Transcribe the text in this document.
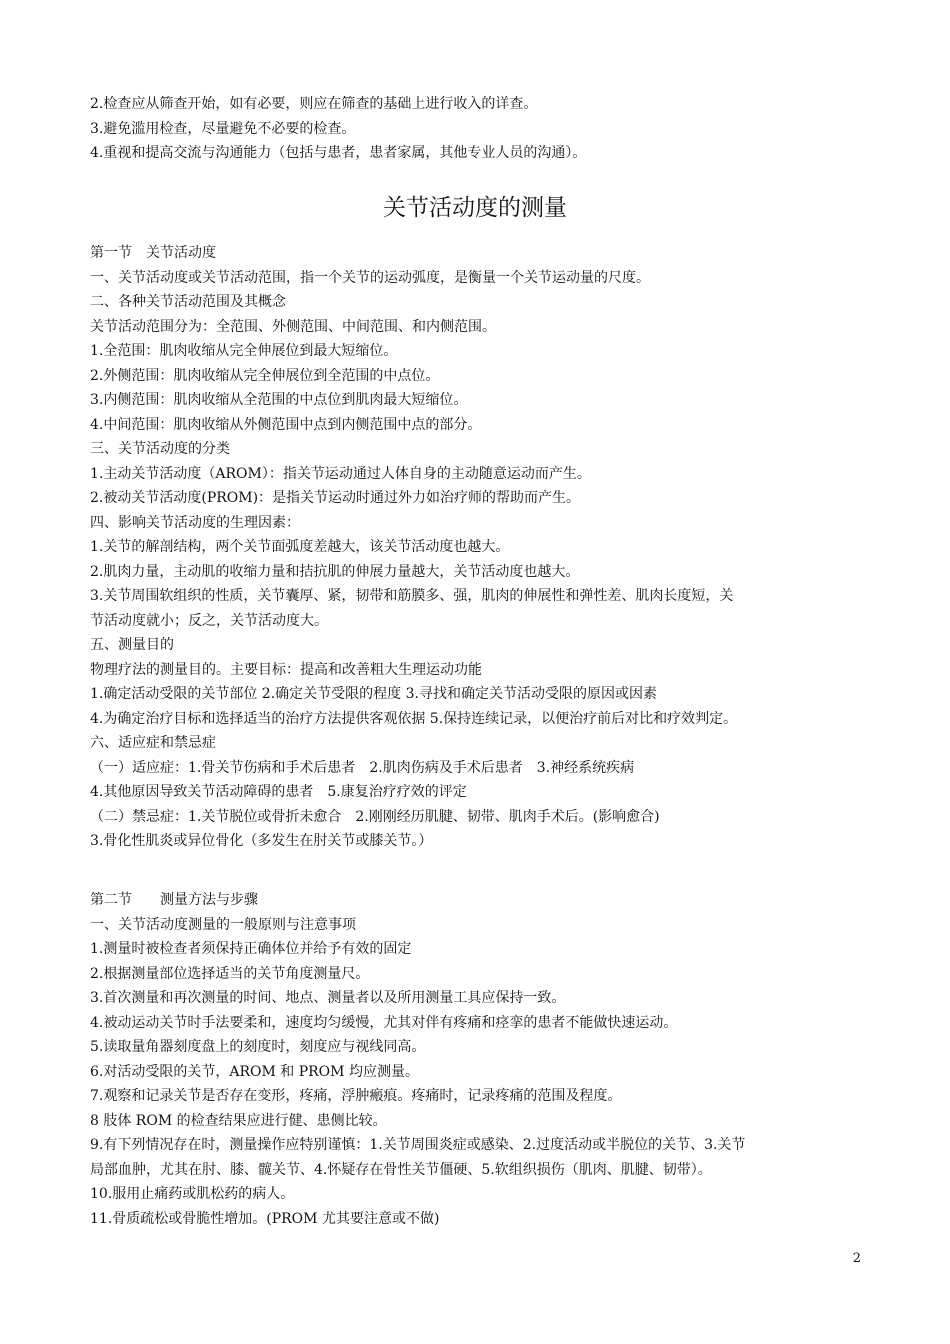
2.检查应从筛查开始，如有必要，则应在筛查的基础上进行收入的详查。
3.避免滥用检查，尽量避免不必要的检查。
4.重视和提高交流与沟通能力（包括与患者，患者家属，其他专业人员的沟通）。
关节活动度的测量
第一节　关节活动度
一、关节活动度或关节活动范围，指一个关节的运动弧度，是衡量一个关节运动量的尺度。
二、各种关节活动范围及其概念
关节活动范围分为：全范围、外侧范围、中间范围、和内侧范围。
1.全范围：肌肉收缩从完全伸展位到最大短缩位。
2.外侧范围：肌肉收缩从完全伸展位到全范围的中点位。
3.内侧范围：肌肉收缩从全范围的中点位到肌肉最大短缩位。
4.中间范围：肌肉收缩从外侧范围中点到内侧范围中点的部分。
三、关节活动度的分类
1.主动关节活动度（AROM）：指关节运动通过人体自身的主动随意运动而产生。
2.被动关节活动度(PROM)：是指关节运动时通过外力如治疗师的帮助而产生。
四、影响关节活动度的生理因素：
1.关节的解剖结构，两个关节面弧度差越大，该关节活动度也越大。
2.肌肉力量，主动肌的收缩力量和拮抗肌的伸展力量越大，关节活动度也越大。
3.关节周围软组织的性质，关节囊厚、紧，韧带和筋膜多、强，肌肉的伸展性和弹性差、肌肉长度短，关
节活动度就小；反之，关节活动度大。
五、测量目的
物理疗法的测量目的。主要目标：提高和改善粗大生理运动功能
1.确定活动受限的关节部位 2.确定关节受限的程度 3.寻找和确定关节活动受限的原因或因素
4.为确定治疗目标和选择适当的治疗方法提供客观依据 5.保持连续记录，以便治疗前后对比和疗效判定。
六、适应症和禁忌症
（一）适应症：1.骨关节伤病和手术后患者　2.肌肉伤病及手术后患者　3.神经系统疾病
4.其他原因导致关节活动障碍的患者　5.康复治疗疗效的评定
（二）禁忌症：1.关节脱位或骨折未愈合　2.刚刚经历肌腱、韧带、肌肉手术后。(影响愈合)
3.骨化性肌炎或异位骨化（多发生在肘关节或膝关节。）
第二节　　测量方法与步骤
一、关节活动度测量的一般原则与注意事项
1.测量时被检查者须保持正确体位并给予有效的固定
2.根据测量部位选择适当的关节角度测量尺。
3.首次测量和再次测量的时间、地点、测量者以及所用测量工具应保持一致。
4.被动运动关节时手法要柔和，速度均匀缓慢，尤其对伴有疼痛和痉挛的患者不能做快速运动。
5.读取量角器刻度盘上的刻度时，刻度应与视线同高。
6.对活动受限的关节，AROM 和 PROM 均应测量。
7.观察和记录关节是否存在变形，疼痛，浮肿瘢痕。疼痛时，记录疼痛的范围及程度。
8 肢体 ROM 的检查结果应进行健、患侧比较。
9.有下列情况存在时，测量操作应特别谨慎：1.关节周围炎症或感染、2.过度活动或半脱位的关节、3.关节
局部血肿，尤其在肘、膝、髋关节、4.怀疑存在骨性关节僵硬、5.软组织损伤（肌肉、肌腱、韧带）。
10.服用止痛药或肌松药的病人。
11.骨质疏松或骨脆性增加。(PROM 尤其要注意或不做)
2
